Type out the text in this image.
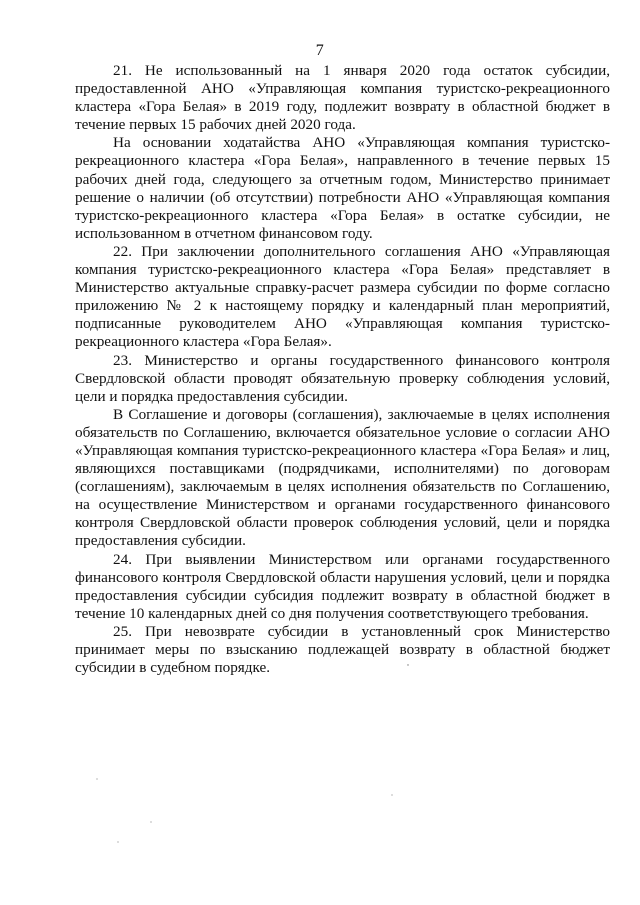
7

21. Не использованный на 1 января 2020 года остаток субсидии, предоставленной АНО «Управляющая компания туристско-рекреационного кластера «Гора Белая» в 2019 году, подлежит возврату в областной бюджет в течение первых 15 рабочих дней 2020 года.

На основании ходатайства АНО «Управляющая компания туристско-рекреационного кластера «Гора Белая», направленного в течение первых 15 рабочих дней года, следующего за отчетным годом, Министерство принимает решение о наличии (об отсутствии) потребности АНО «Управляющая компания туристско-рекреационного кластера «Гора Белая» в остатке субсидии, не использованном в отчетном финансовом году.

22. При заключении дополнительного соглашения АНО «Управляющая компания туристско-рекреационного кластера «Гора Белая» представляет в Министерство актуальные справку-расчет размера субсидии по форме согласно приложению № 2 к настоящему порядку и календарный план мероприятий, подписанные руководителем АНО «Управляющая компания туристско-рекреационного кластера «Гора Белая».

23. Министерство и органы государственного финансового контроля Свердловской области проводят обязательную проверку соблюдения условий, цели и порядка предоставления субсидии.

В Соглашение и договоры (соглашения), заключаемые в целях исполнения обязательств по Соглашению, включается обязательное условие о согласии АНО «Управляющая компания туристско-рекреационного кластера «Гора Белая» и лиц, являющихся поставщиками (подрядчиками, исполнителями) по договорам (соглашениям), заключаемым в целях исполнения обязательств по Соглашению, на осуществление Министерством и органами государственного финансового контроля Свердловской области проверок соблюдения условий, цели и порядка предоставления субсидии.

24. При выявлении Министерством или органами государственного финансового контроля Свердловской области нарушения условий, цели и порядка предоставления субсидии субсидия подлежит возврату в областной бюджет в течение 10 календарных дней со дня получения соответствующего требования.

25. При невозврате субсидии в установленный срок Министерство принимает меры по взысканию подлежащей возврату в областной бюджет субсидии в судебном порядке.
